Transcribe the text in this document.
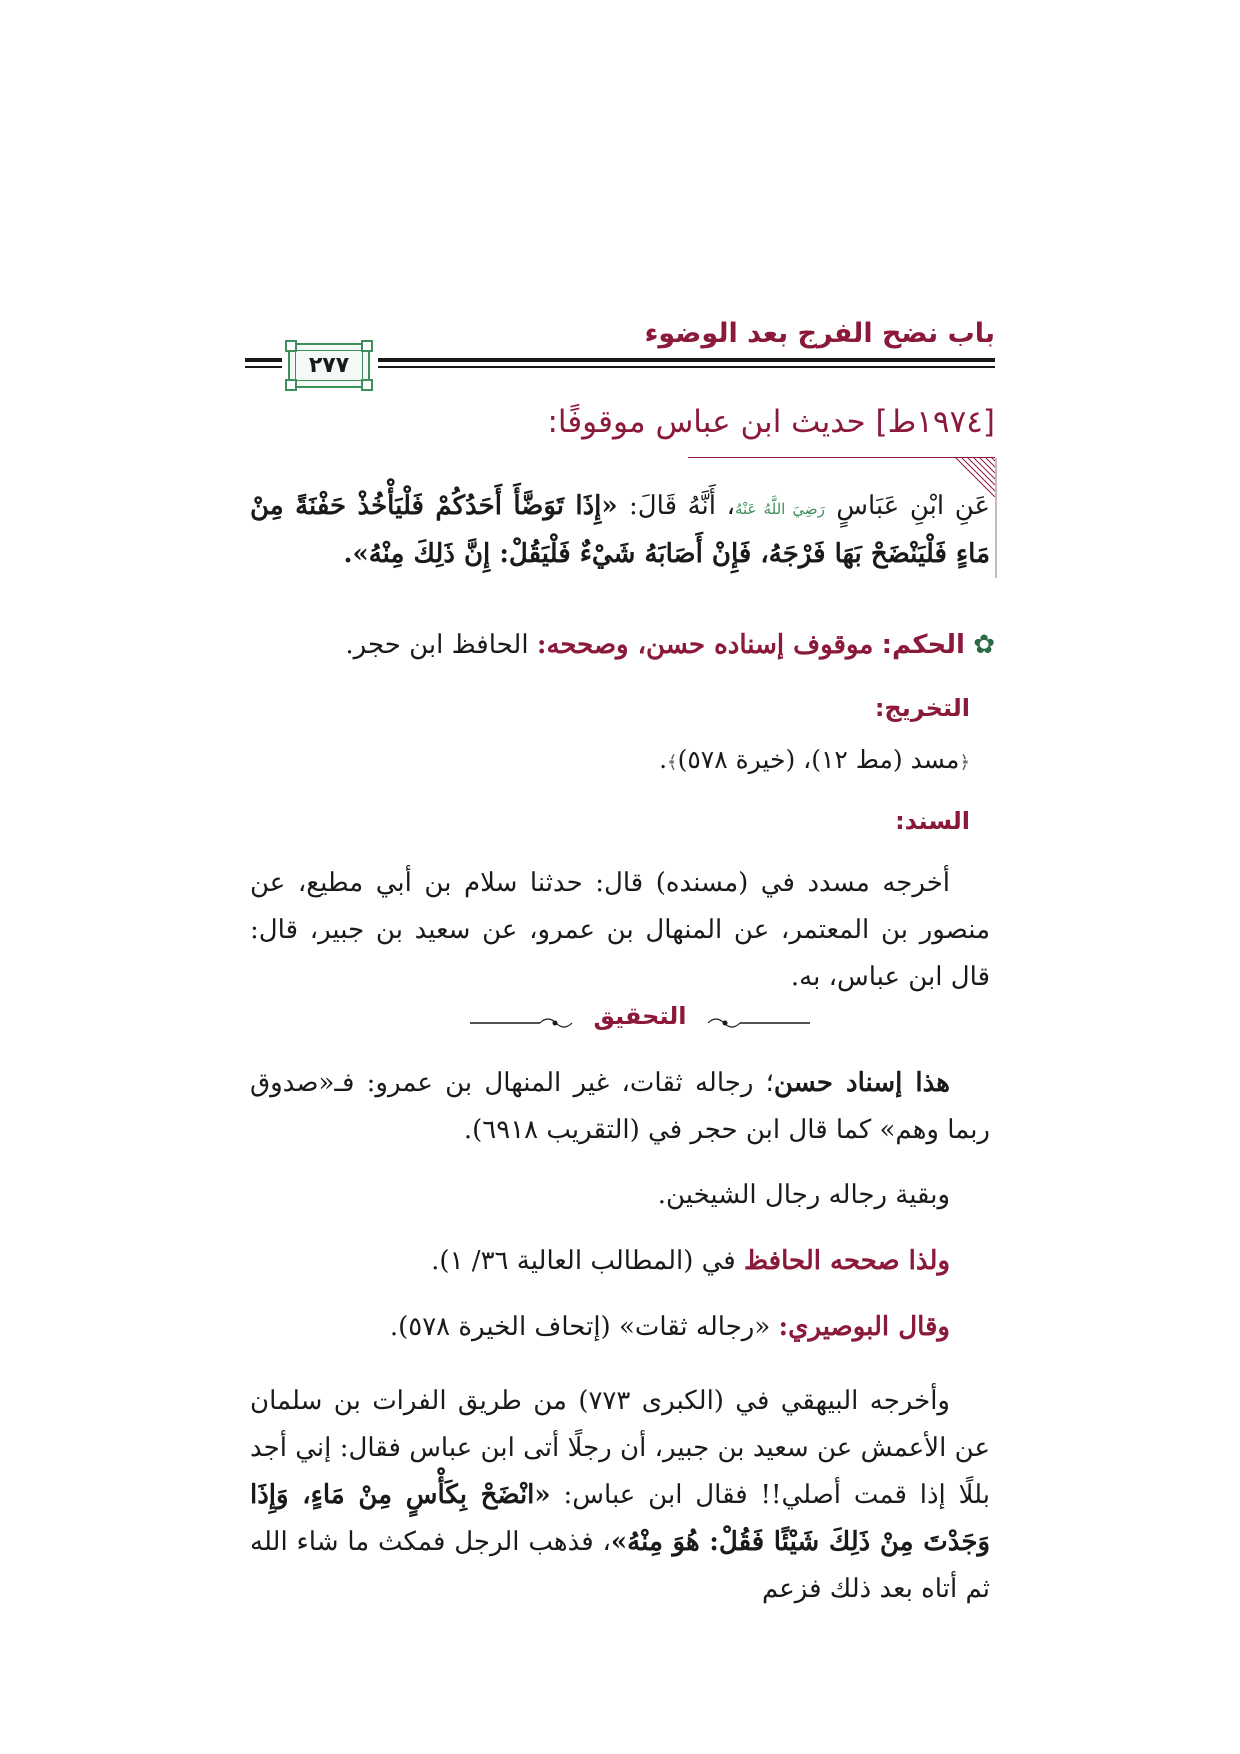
باب نضح الفرج بعد الوضوء
٢٧٧
[١٩٧٤ط] حديث ابن عباس موقوفًا:
عَنِ ابْنِ عَبَاسٍ رَضِيَ اللَّهُ عَنْهُ، أَنَّهُ قَالَ: «إِذَا تَوَضَّأَ أَحَدُكُمْ فَلْيَأْخُذْ حَفْنَةً مِنْ مَاءٍ فَلْيَنْضَحْ بَهَا فَرْجَهُ، فَإِنْ أَصَابَهُ شَيْءٌ فَلْيَقُلْ: إِنَّ ذَلِكَ مِنْهُ».
✿ الحكم: موقوف إسناده حسن، وصححه: الحافظ ابن حجر.
التخريج:
﴿مسد (مط ١٢)، (خيرة ٥٧٨)﴾.
السند:
أخرجه مسدد في (مسنده) قال: حدثنا سلام بن أبي مطيع، عن منصور بن المعتمر، عن المنهال بن عمرو، عن سعيد بن جبير، قال: قال ابن عباس، به.
التحقيق
هذا إسناد حسن؛ رجاله ثقات، غير المنهال بن عمرو: فـ«صدوق ربما وهم» كما قال ابن حجر في (التقريب ٦٩١٨).
وبقية رجاله رجال الشيخين.
ولذا صححه الحافظ في (المطالب العالية ٣٦/ ١).
وقال البوصيري: «رجاله ثقات» (إتحاف الخيرة ٥٧٨).
وأخرجه البيهقي في (الكبرى ٧٧٣) من طريق الفرات بن سلمان عن الأعمش عن سعيد بن جبير، أن رجلًا أتى ابن عباس فقال: إني أجد بللًا إذا قمت أصلي!! فقال ابن عباس: «انْضَحْ بِكَأْسٍ مِنْ مَاءٍ، وَإِذَا وَجَدْتَ مِنْ ذَلِكَ شَيْئًا فَقُلْ: هُوَ مِنْهُ»، فذهب الرجل فمكث ما شاء الله ثم أتاه بعد ذلك فزعم
